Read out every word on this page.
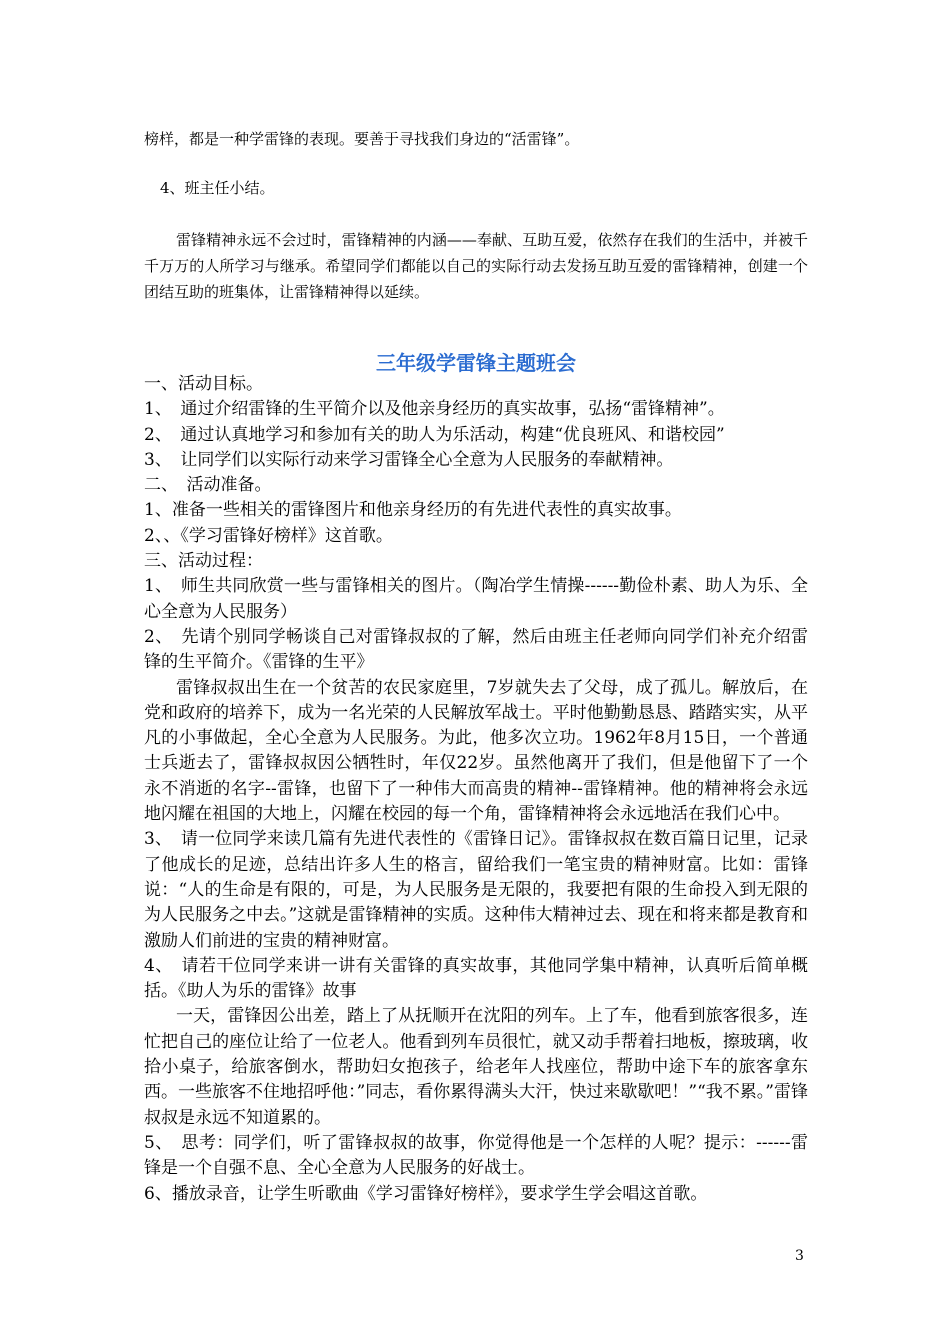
榜样，都是一种学雷锋的表现。要善于寻找我们身边的“活雷锋”。

4、班主任小结。

雷锋精神永远不会过时，雷锋精神的内涵——奉献、互助互爱，依然存在我们的生活中，并被千千万万的人所学习与继承。希望同学们都能以自己的实际行动去发扬互助互爱的雷锋精神，创建一个团结互助的班集体，让雷锋精神得以延续。

三年级学雷锋主题班会

一、活动目标。

1、　通过介绍雷锋的生平简介以及他亲身经历的真实故事，弘扬“雷锋精神”。

2、　通过认真地学习和参加有关的助人为乐活动，构建“优良班风、和谐校园”

3、　让同学们以实际行动来学习雷锋全心全意为人民服务的奉献精神。

二、　活动准备。

1、准备一些相关的雷锋图片和他亲身经历的有先进代表性的真实故事。

2、、《学习雷锋好榜样》这首歌。

三、活动过程：

1、　师生共同欣赏一些与雷锋相关的图片。（陶冶学生情操------勤俭朴素、助人为乐、全心全意为人民服务）

2、　先请个别同学畅谈自己对雷锋叔叔的了解，然后由班主任老师向同学们补充介绍雷锋的生平简介。《雷锋的生平》

雷锋叔叔出生在一个贫苦的农民家庭里，7岁就失去了父母，成了孤儿。解放后，在党和政府的培养下，成为一名光荣的人民解放军战士。平时他勤勤恳恳、踏踏实实，从平凡的小事做起，全心全意为人民服务。为此，他多次立功。1962年8月15日，一个普通士兵逝去了，雷锋叔叔因公牺牲时，年仅22岁。虽然他离开了我们，但是他留下了一个永不消逝的名字--雷锋，也留下了一种伟大而高贵的精神--雷锋精神。他的精神将会永远地闪耀在祖国的大地上，闪耀在校园的每一个角，雷锋精神将会永远地活在我们心中。

3、　请一位同学来读几篇有先进代表性的《雷锋日记》。雷锋叔叔在数百篇日记里，记录了他成长的足迹，总结出许多人生的格言，留给我们一笔宝贵的精神财富。比如：雷锋说：“人的生命是有限的，可是，为人民服务是无限的，我要把有限的生命投入到无限的为人民服务之中去。”这就是雷锋精神的实质。这种伟大精神过去、现在和将来都是教育和激励人们前进的宝贵的精神财富。

4、　请若干位同学来讲一讲有关雷锋的真实故事，其他同学集中精神，认真听后简单概括。《助人为乐的雷锋》故事

一天，雷锋因公出差，踏上了从抚顺开在沈阳的列车。上了车，他看到旅客很多，连忙把自己的座位让给了一位老人。他看到列车员很忙，就又动手帮着扫地板，擦玻璃，收拾小桌子，给旅客倒水，帮助妇女抱孩子，给老年人找座位，帮助中途下车的旅客拿东西。一些旅客不住地招呼他：”同志，看你累得满头大汗，快过来歇歇吧！”“我不累。”雷锋叔叔是永远不知道累的。

5、　思考：同学们，听了雷锋叔叔的故事，你觉得他是一个怎样的人呢？提示：------雷锋是一个自强不息、全心全意为人民服务的好战士。

6、播放录音，让学生听歌曲《学习雷锋好榜样》，要求学生学会唱这首歌。

3
